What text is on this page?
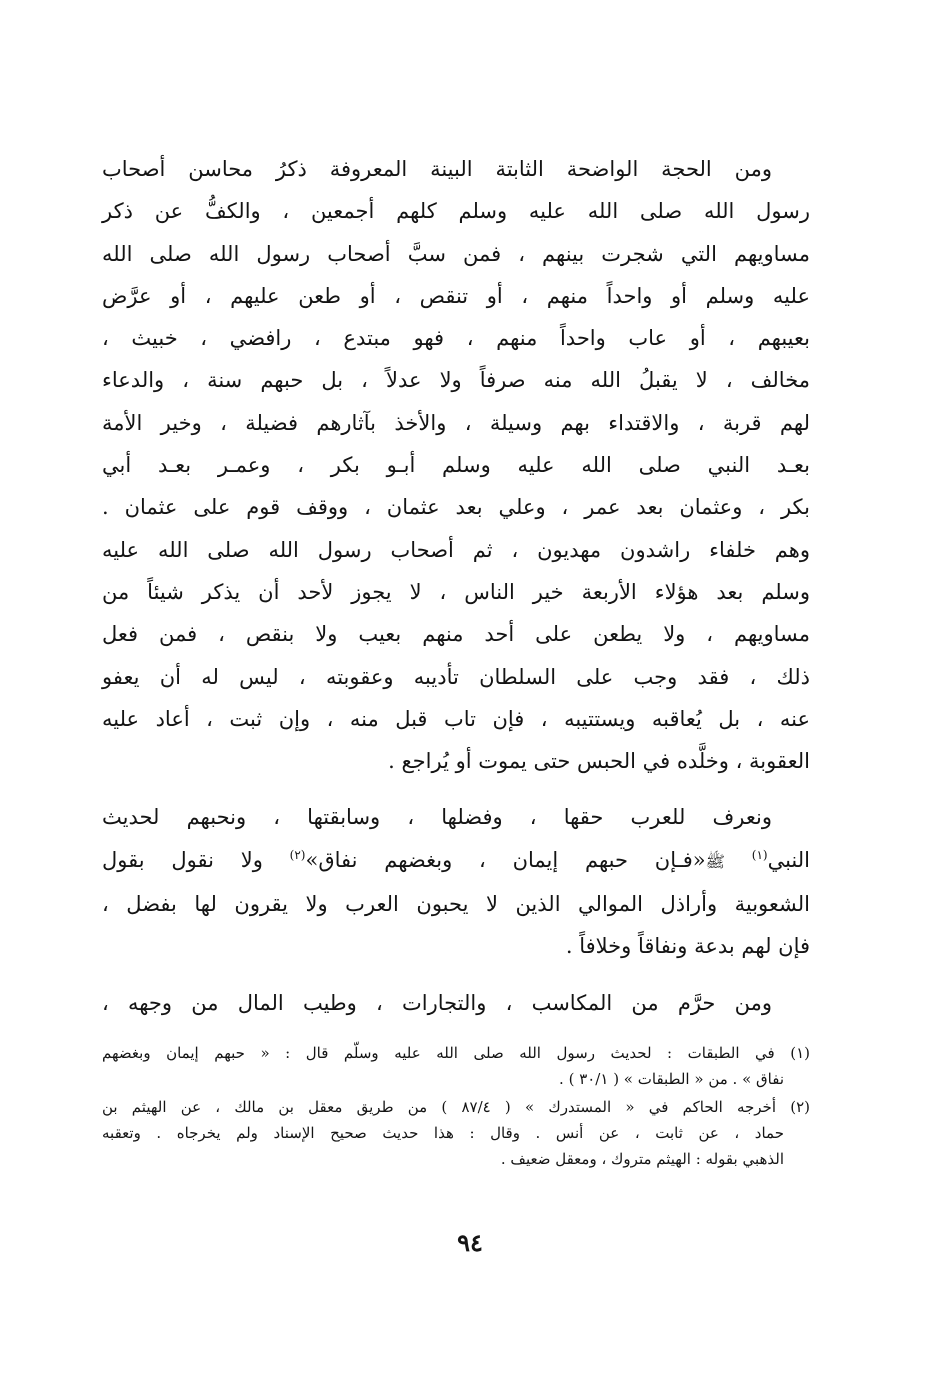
ومن الحجة الواضحة الثابتة البينة المعروفة ذكرُ محاسن أصحاب
رسول الله صلى الله عليه وسلم كلهم أجمعين ، والكفُّ عن ذكر
مساويهم التي شجرت بينهم ، فمن سبَّ أصحاب رسول الله صلى الله
عليه وسلم أو واحداً منهم ، أو تنقص ، أو طعن عليهم ، أو عرَّض
بعيبهم ، أو عاب واحداً منهم ، فهو مبتدع ، رافضي ، خبيث ،
مخالف ، لا يقبلُ الله منه صرفاً ولا عدلاً ، بل حبهم سنة ، والدعاء
لهم قربة ، والاقتداء بهم وسيلة ، والأخذ بآثارهم فضيلة ، وخير الأمة
بعـد النبي صلى الله عليه وسلم أبـو بكر ، وعمـر بعـد أبي
بكر ، وعثمان بعد عمر ، وعلي بعد عثمان ، ووقف قوم على عثمان .
وهم خلفاء راشدون مهديون ، ثم أصحاب رسول الله صلى الله عليه
وسلم بعد هؤلاء الأربعة خير الناس ، لا يجوز لأحد أن يذكر شيئاً من
مساويهم ، ولا يطعن على أحد منهم بعيب ولا بنقص ، فمن فعل
ذلك ، فقد وجب على السلطان تأديبه وعقوبته ، ليس له أن يعفو
عنه ، بل يُعاقبه ويستتيبه ، فإن تاب قبل منه ، وإن ثبت ، أعاد عليه
العقوبة ، وخلَّده في الحبس حتى يموت أو يُراجع .
ونعرف للعرب حقها ، وفضلها ، وسابقتها ، ونحبهم لحديث
النبي$^{(١)}$ ﷺ«فـإن حبهم إيمان ، وبغضهم نفاق»$^{(٢)}$ ولا نقول بقول
الشعوبية وأراذل الموالي الذين لا يحبون العرب ولا يقرون لها بفضل ،
فإن لهم بدعة ونفاقاً وخلافاً .
ومن حرَّم من المكاسب ، والتجارات ، وطيب المال من وجهه ،
(١) في الطبقات : لحديث رسول الله صلى الله عليه وسلّم قال : « حبهم إيمان وبغضهم
نفاق » . من « الطبقات » ( ٣٠/١ ) .
(٢) أخرجه الحاكم في « المستدرك » ( ٨٧/٤ ) من طريق معقل بن مالك ، عن الهيثم بن
حماد ، عن ثابت ، عن أنس . وقال : هذا حديث صحيح الإسناد ولم يخرجاه . وتعقبه
الذهبي بقوله : الهيثم متروك ، ومعقل ضعيف .
٩٤
